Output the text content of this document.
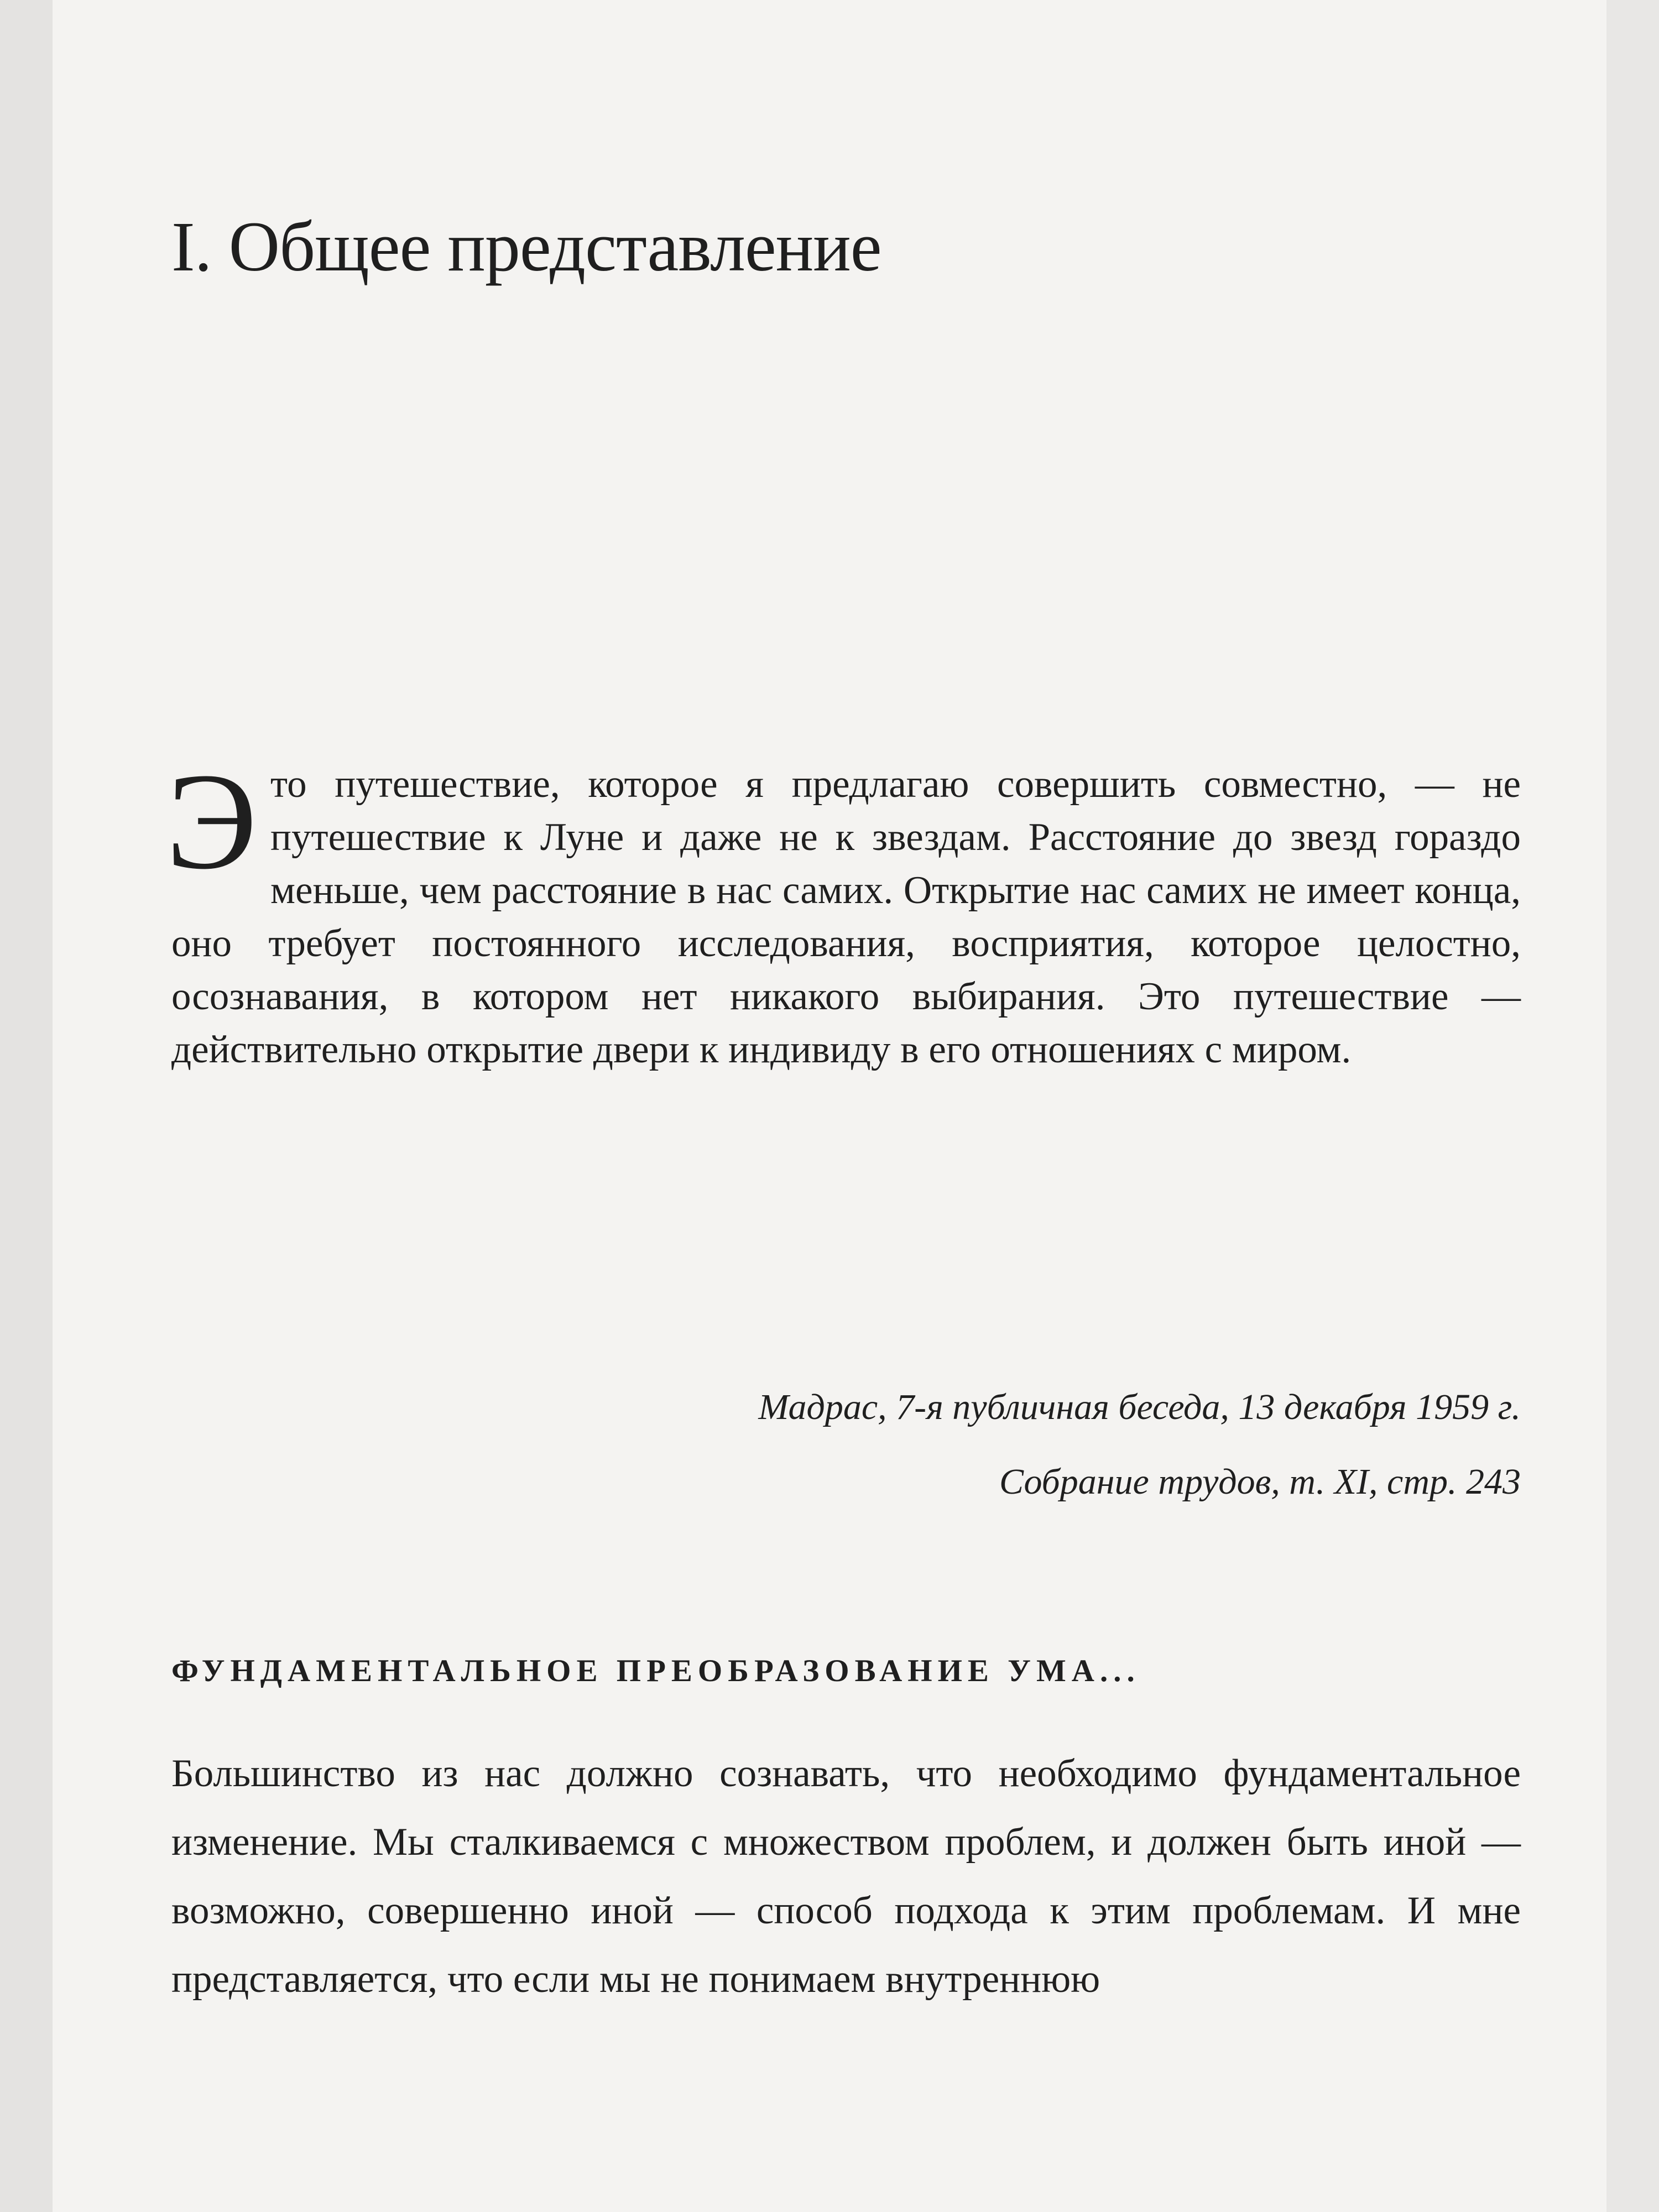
I. Общее представление

Это путешествие, которое я предлагаю совершить совместно, — не путешествие к Луне и даже не к звездам. Расстояние до звезд гораздо меньше, чем расстояние в нас самих. Открытие нас самих не имеет конца, оно требует постоянного исследования, восприятия, которое целостно, осознавания, в котором нет никакого выбирания. Это путешествие — действительно открытие двери к индивиду в его отношениях с миром.

Мадрас, 7-я публичная беседа, 13 декабря 1959 г.
Собрание трудов, т. XI, стр. 243
ФУНДАМЕНТАЛЬНОЕ ПРЕОБРАЗОВАНИЕ УМА...

Большинство из нас должно сознавать, что необходимо фундаментальное изменение. Мы сталкиваемся с множеством проблем, и должен быть иной — возможно, совершенно иной — способ подхода к этим проблемам. И мне представляется, что если мы не понимаем внутреннюю
